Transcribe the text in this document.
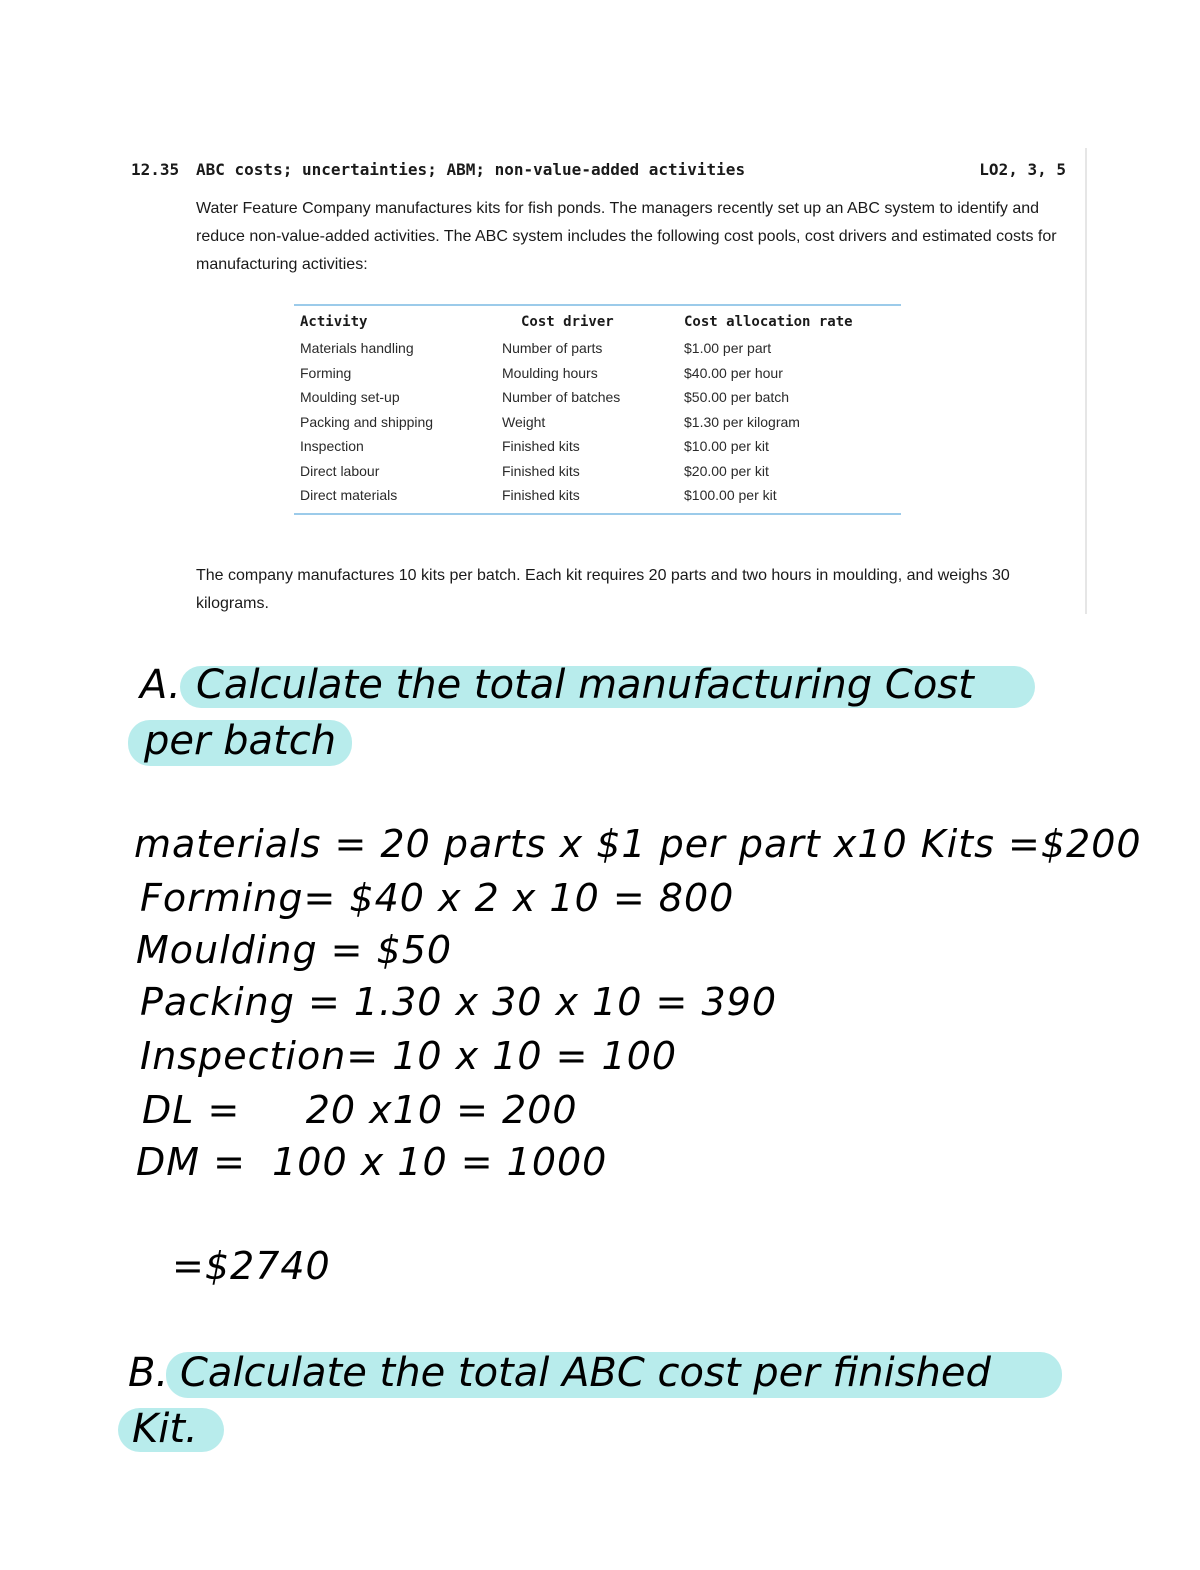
12.35 ABC costs; uncertainties; ABM; non-value-added activities	LO2, 3, 5

Water Feature Company manufactures kits for fish ponds. The managers recently set up an ABC system to identify and reduce non-value-added activities. The ABC system includes the following cost pools, cost drivers and estimated costs for manufacturing activities:

Activity	Cost driver	Cost allocation rate
Materials handling	Number of parts	$1.00 per part
Forming	Moulding hours	$40.00 per hour
Moulding set-up	Number of batches	$50.00 per batch
Packing and shipping	Weight	$1.30 per kilogram
Inspection	Finished kits	$10.00 per kit
Direct labour	Finished kits	$20.00 per kit
Direct materials	Finished kits	$100.00 per kit

The company manufactures 10 kits per batch. Each kit requires 20 parts and two hours in moulding, and weighs 30 kilograms.

A. Calculate the total manufacturing Cost
per batch
materials = 20 parts x $1 per part x10 Kits =$200
Forming= $40 x 2 x 10 = 800
Moulding = $50
Packing = 1.30 x 30 x 10 = 390
Inspection= 10 x 10 = 100
DL =     20 x10 = 200
DM =  100 x 10 = 1000
=$2740
B. Calculate the total ABC cost per finished
Kit.
